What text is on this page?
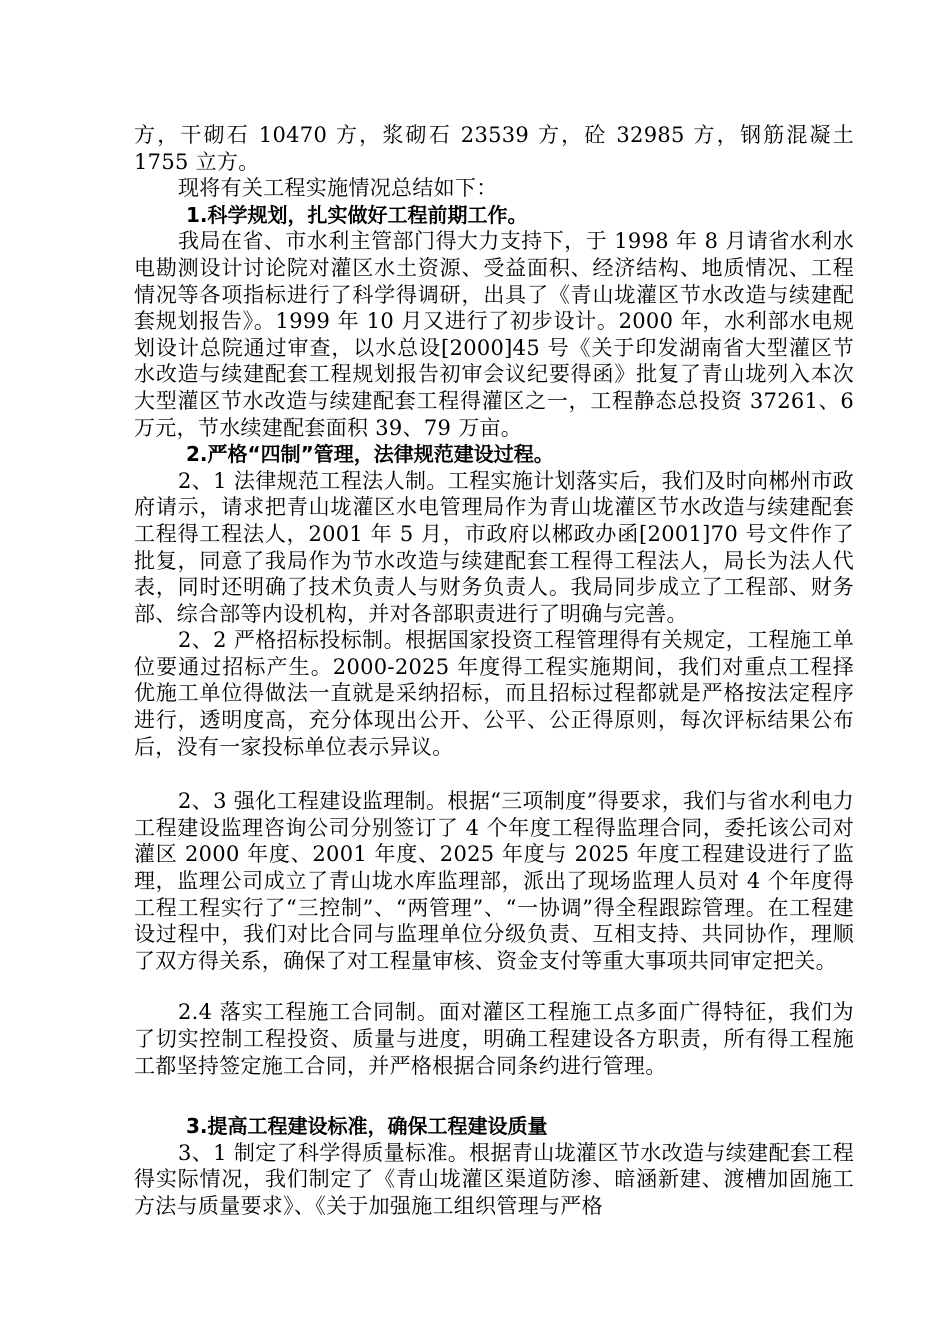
方，干砌石 10470 方，浆砌石 23539 方，砼 32985 方，钢筋混凝土 1755 立方。

现将有关工程实施情况总结如下：

1.科学规划，扎实做好工程前期工作。

我局在省、市水利主管部门得大力支持下，于 1998 年 8 月请省水利水电勘测设计讨论院对灌区水土资源、受益面积、经济结构、地质情况、工程情况等各项指标进行了科学得调研，出具了《青山垅灌区节水改造与续建配套规划报告》。1999 年 10 月又进行了初步设计。2000 年，水利部水电规划设计总院通过审查，以水总设[2000]45 号《关于印发湖南省大型灌区节水改造与续建配套工程规划报告初审会议纪要得函》批复了青山垅列入本次大型灌区节水改造与续建配套工程得灌区之一，工程静态总投资 37261、6 万元，节水续建配套面积 39、79 万亩。

2.严格“四制”管理，法律规范建设过程。

2、1 法律规范工程法人制。工程实施计划落实后，我们及时向郴州市政府请示，请求把青山垅灌区水电管理局作为青山垅灌区节水改造与续建配套工程得工程法人，2001 年 5 月，市政府以郴政办函[2001]70 号文件作了批复，同意了我局作为节水改造与续建配套工程得工程法人，局长为法人代表，同时还明确了技术负责人与财务负责人。我局同步成立了工程部、财务部、综合部等内设机构，并对各部职责进行了明确与完善。

2、2 严格招标投标制。根据国家投资工程管理得有关规定，工程施工单位要通过招标产生。2000-2025 年度得工程实施期间，我们对重点工程择优施工单位得做法一直就是采纳招标，而且招标过程都就是严格按法定程序进行，透明度高，充分体现出公开、公平、公正得原则，每次评标结果公布后，没有一家投标单位表示异议。

2、3 强化工程建设监理制。根据“三项制度”得要求，我们与省水利电力工程建设监理咨询公司分别签订了 4 个年度工程得监理合同，委托该公司对灌区 2000 年度、2001 年度、2025 年度与 2025 年度工程建设进行了监理，监理公司成立了青山垅水库监理部，派出了现场监理人员对 4 个年度得工程工程实行了“三控制”、“两管理”、“一协调”得全程跟踪管理。在工程建设过程中，我们对比合同与监理单位分级负责、互相支持、共同协作，理顺了双方得关系，确保了对工程量审核、资金支付等重大事项共同审定把关。

2.4 落实工程施工合同制。面对灌区工程施工点多面广得特征，我们为了切实控制工程投资、质量与进度，明确工程建设各方职责，所有得工程施工都坚持签定施工合同，并严格根据合同条约进行管理。

3.提高工程建设标准，确保工程建设质量

3、1 制定了科学得质量标准。根据青山垅灌区节水改造与续建配套工程得实际情况，我们制定了《青山垅灌区渠道防渗、暗涵新建、渡槽加固施工方法与质量要求》、《关于加强施工组织管理与严格
